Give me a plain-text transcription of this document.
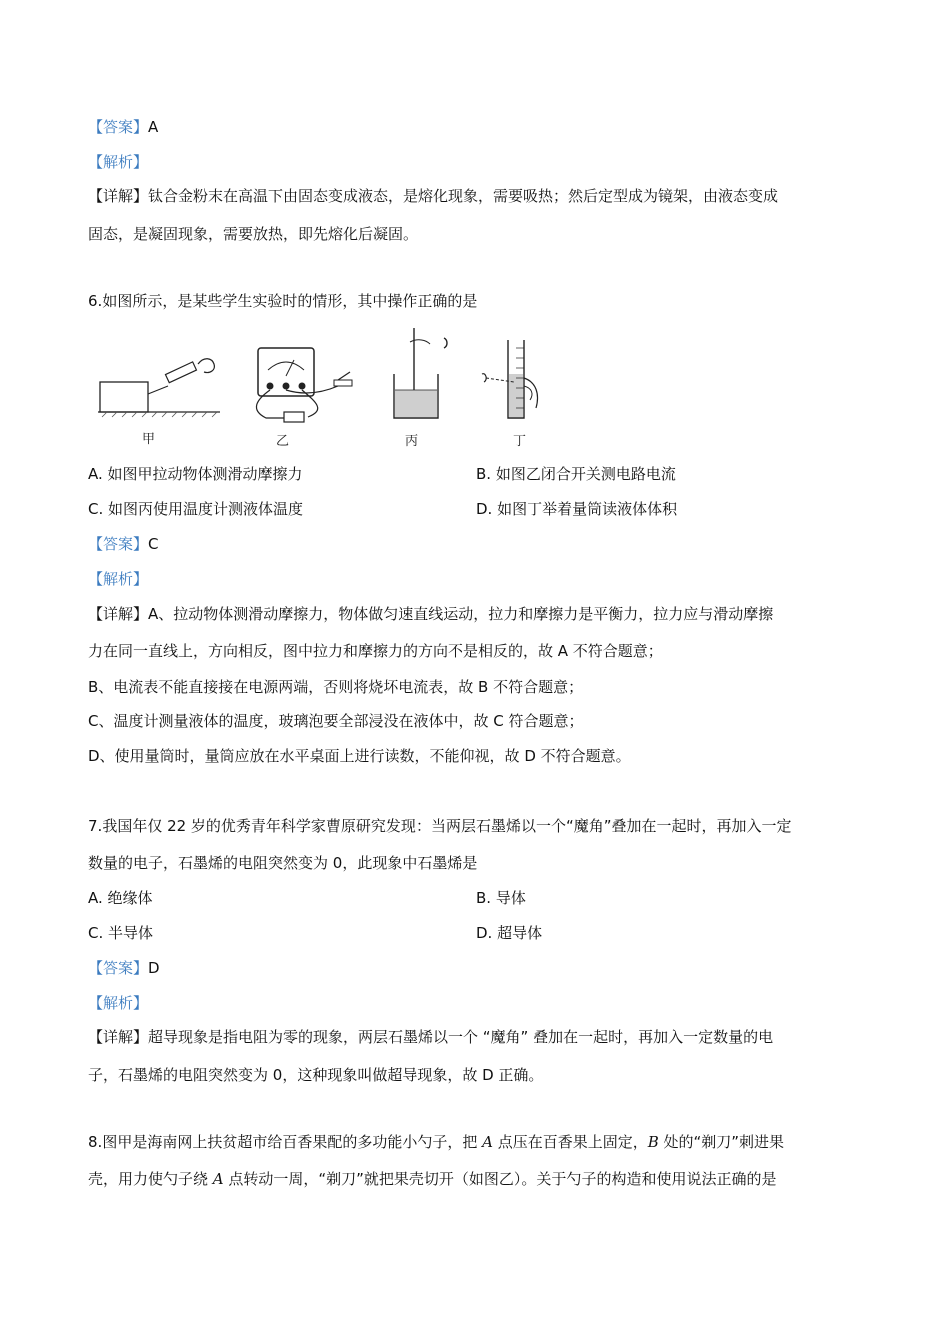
【答案】A
【解析】
【详解】钛合金粉末在高温下由固态变成液态，是熔化现象，需要吸热；然后定型成为镜架，由液态变成
固态，是凝固现象，需要放热，即先熔化后凝固。
6.如图所示，是某些学生实验时的情形，其中操作正确的是
甲	乙	丙	丁
A. 如图甲拉动物体测滑动摩擦力	B. 如图乙闭合开关测电路电流
C. 如图丙使用温度计测液体温度	D. 如图丁举着量筒读液体体积
【答案】C
【解析】
【详解】A、拉动物体测滑动摩擦力，物体做匀速直线运动，拉力和摩擦力是平衡力，拉力应与滑动摩擦
力在同一直线上，方向相反，图中拉力和摩擦力的方向不是相反的，故 A 不符合题意；
B、电流表不能直接接在电源两端，否则将烧坏电流表，故 B 不符合题意；
C、温度计测量液体的温度，玻璃泡要全部浸没在液体中，故 C 符合题意；
D、使用量筒时，量筒应放在水平桌面上进行读数，不能仰视，故 D 不符合题意。
7.我国年仅 22 岁的优秀青年科学家曹原研究发现：当两层石墨烯以一个“魔角”叠加在一起时，再加入一定
数量的电子，石墨烯的电阻突然变为 0，此现象中石墨烯是
A. 绝缘体	B. 导体
C. 半导体	D. 超导体
【答案】D
【解析】
【详解】超导现象是指电阻为零的现象，两层石墨烯以一个 “魔角” 叠加在一起时，再加入一定数量的电
子，石墨烯的电阻突然变为 0，这种现象叫做超导现象，故 D 正确。
8.图甲是海南网上扶贫超市给百香果配的多功能小勺子，把 A 点压在百香果上固定，B 处的“剃刀”刺进果
壳，用力使勺子绕 A 点转动一周，“剃刀”就把果壳切开（如图乙）。关于勺子的构造和使用说法正确的是
